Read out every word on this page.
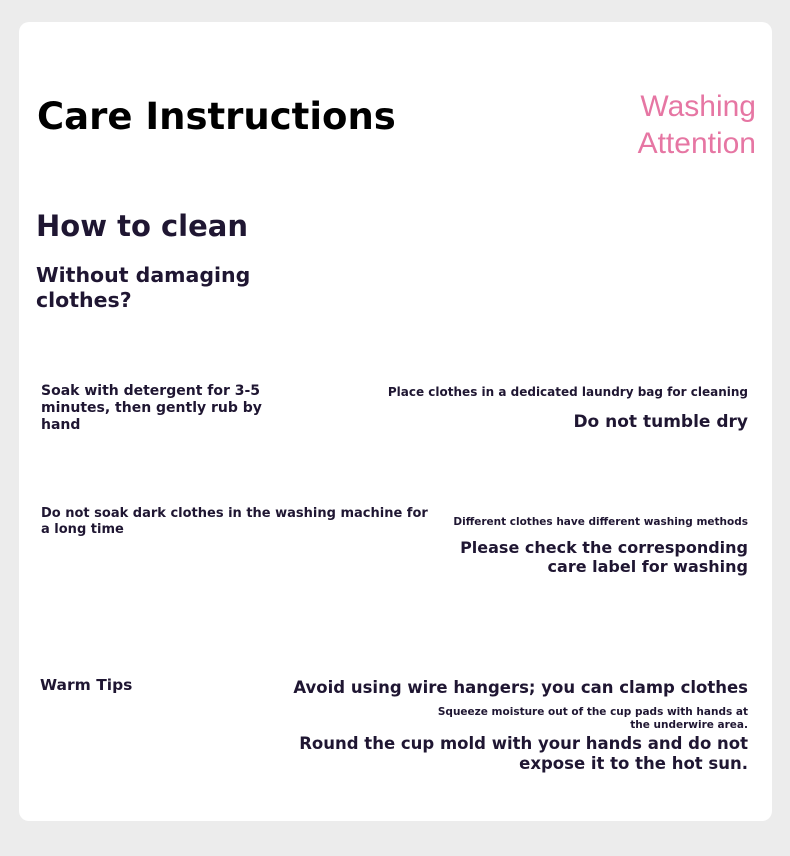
Care Instructions	Washing
Attention
How to clean
Without damaging clothes?

Soak with detergent for 3-5 minutes, then gently rub by hand

Place clothes in a dedicated laundry bag for cleaning

Do not tumble dry

Do not soak dark clothes in the washing machine for a long time	Different clothes have different washing methods

Please check the corresponding
care label for washing

Warm Tips	Avoid using wire hangers; you can clamp clothes

Squeeze moisture out of the cup pads with hands at
the underwire area.
Round the cup mold with your hands and do not
expose it to the hot sun.
